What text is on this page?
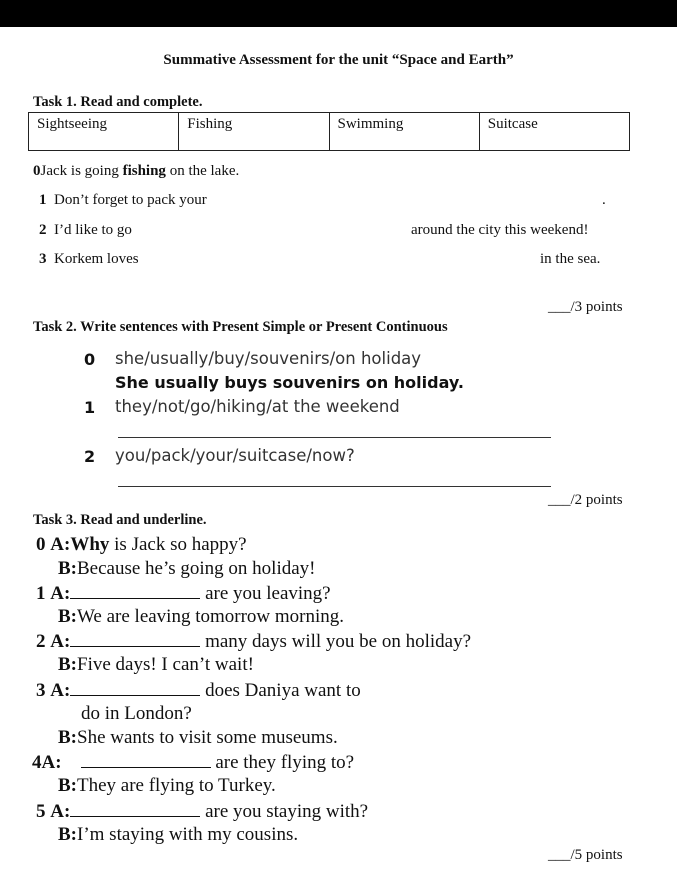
Summative Assessment for the unit “Space and Earth”
Task 1. Read and complete.
Sightseeing	Fishing	Swimming	Suitcase
0Jack is going fishing on the lake.
1 Don’t forget to pack your	.
2 I’d like to go	around the city this weekend!
3 Korkem loves	in the sea.
___/3 points
Task 2. Write sentences with Present Simple or Present Continuous
0 she/usually/buy/souvenirs/on holiday
She usually buys souvenirs on holiday.
1 they/not/go/hiking/at the weekend
2 you/pack/your/suitcase/now?
___/2 points
Task 3. Read and underline.
0 A:Why is Jack so happy?
B:Because he’s going on holiday!
1 A:	are you leaving?
B:We are leaving tomorrow morning.
2 A:	many days will you be on holiday?
B:Five days! I can’t wait!
3 A:	does Daniya want to
do in London?
B:She wants to visit some museums.
4A:	are they flying to?
B:They are flying to Turkey.
5 A:	are you staying with?
B:I’m staying with my cousins.
___/5 points
